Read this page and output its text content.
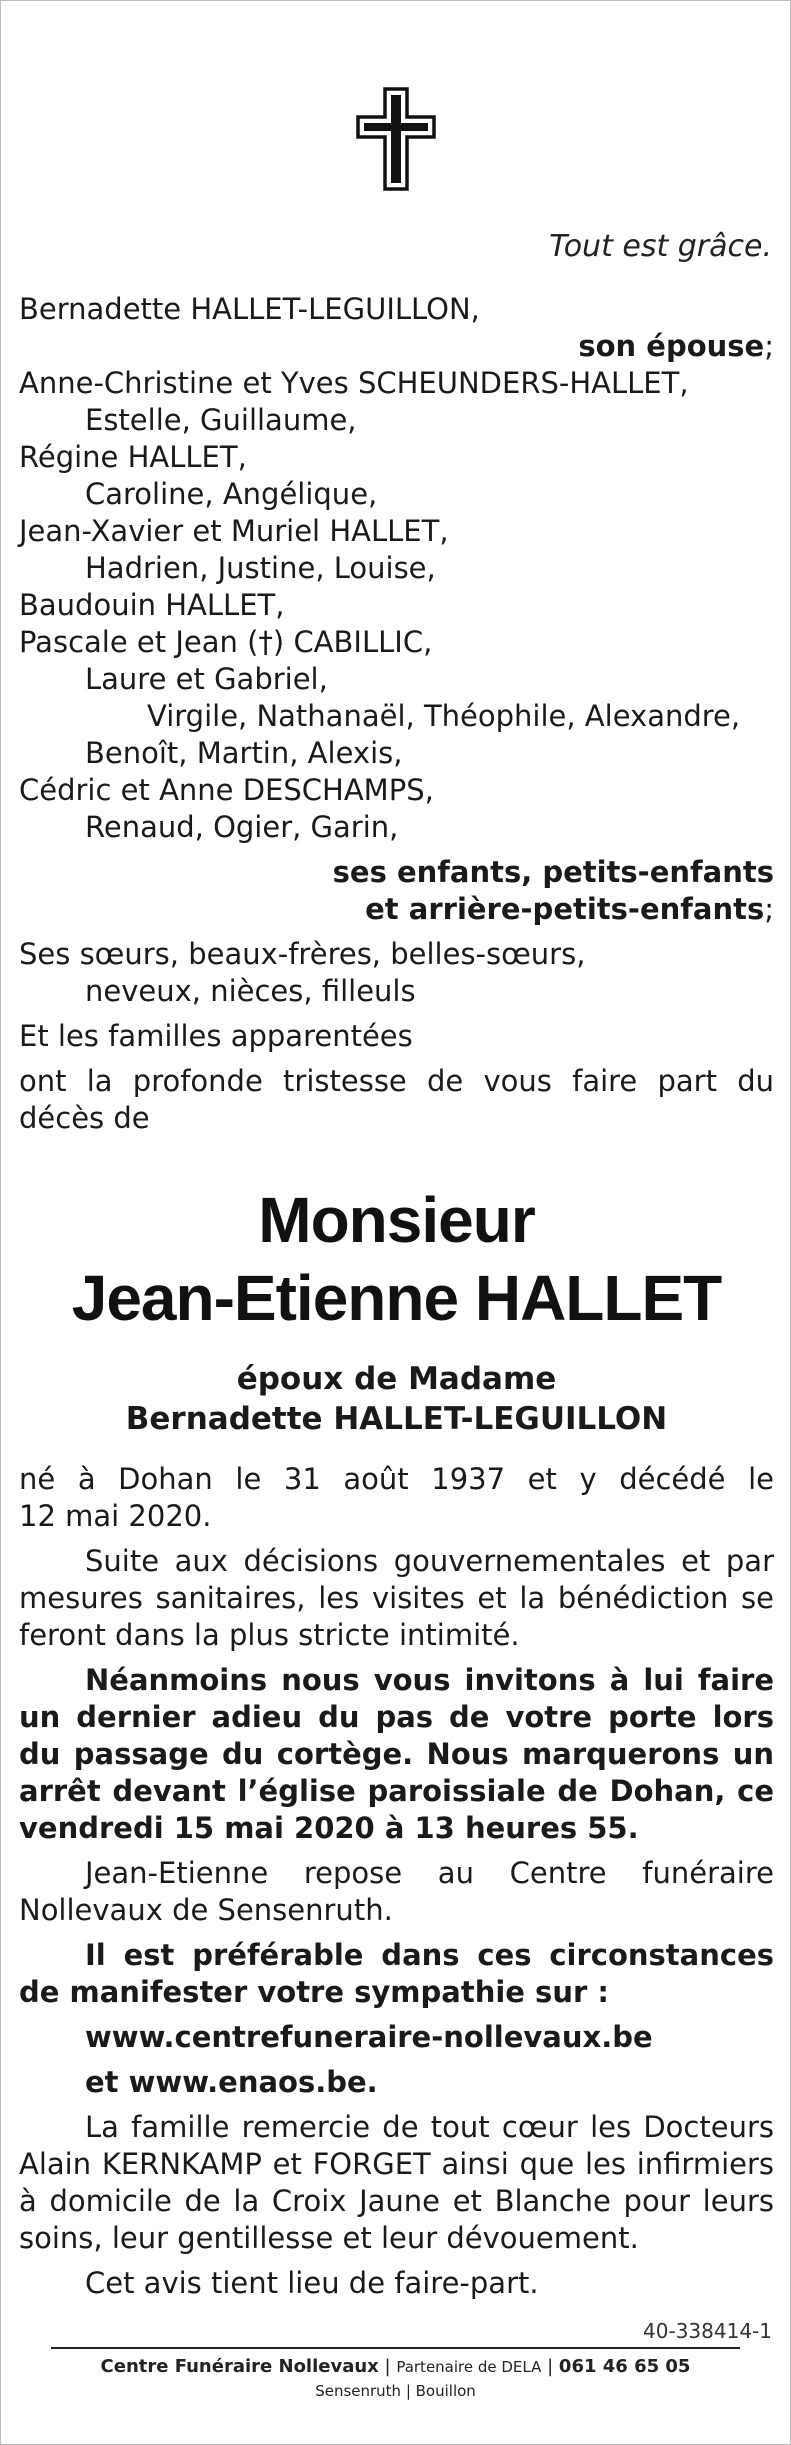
Tout est grâce.
Bernadette HALLET-LEGUILLON,
son épouse;
Anne-Christine et Yves SCHEUNDERS-HALLET,
Estelle, Guillaume,
Régine HALLET,
Caroline, Angélique,
Jean-Xavier et Muriel HALLET,
Hadrien, Justine, Louise,
Baudouin HALLET,
Pascale et Jean (†) CABILLIC,
Laure et Gabriel,
Virgile, Nathanaël, Théophile, Alexandre,
Benoît, Martin, Alexis,
Cédric et Anne DESCHAMPS,
Renaud, Ogier, Garin,
ses enfants, petits-enfants
et arrière-petits-enfants;
Ses sœurs, beaux-frères, belles-sœurs,
neveux, nièces, filleuls
Et les familles apparentées
ont la profonde tristesse de vous faire part du
décès de
Monsieur
Jean-Etienne HALLET
époux de Madame
Bernadette HALLET-LEGUILLON
né à Dohan le 31 août 1937 et y décédé le
12 mai 2020.
Suite aux décisions gouvernementales et par mesures sanitaires, les visites et la bénédiction se feront dans la plus stricte intimité.
Néanmoins nous vous invitons à lui faire un dernier adieu du pas de votre porte lors du passage du cortège. Nous marquerons un arrêt devant l’église paroissiale de Dohan, ce vendredi 15 mai 2020 à 13 heures 55.
Jean-Etienne repose au Centre funéraire Nollevaux de Sensenruth.
Il est préférable dans ces circonstances de manifester votre sympathie sur :
www.centrefuneraire-nollevaux.be
et www.enaos.be.
La famille remercie de tout cœur les Docteurs Alain KERNKAMP et FORGET ainsi que les infirmiers à domicile de la Croix Jaune et Blanche pour leurs soins, leur gentillesse et leur dévouement.
Cet avis tient lieu de faire-part.
40-338414-1
Centre Funéraire Nollevaux | Partenaire de DELA | 061 46 65 05
Sensenruth | Bouillon
